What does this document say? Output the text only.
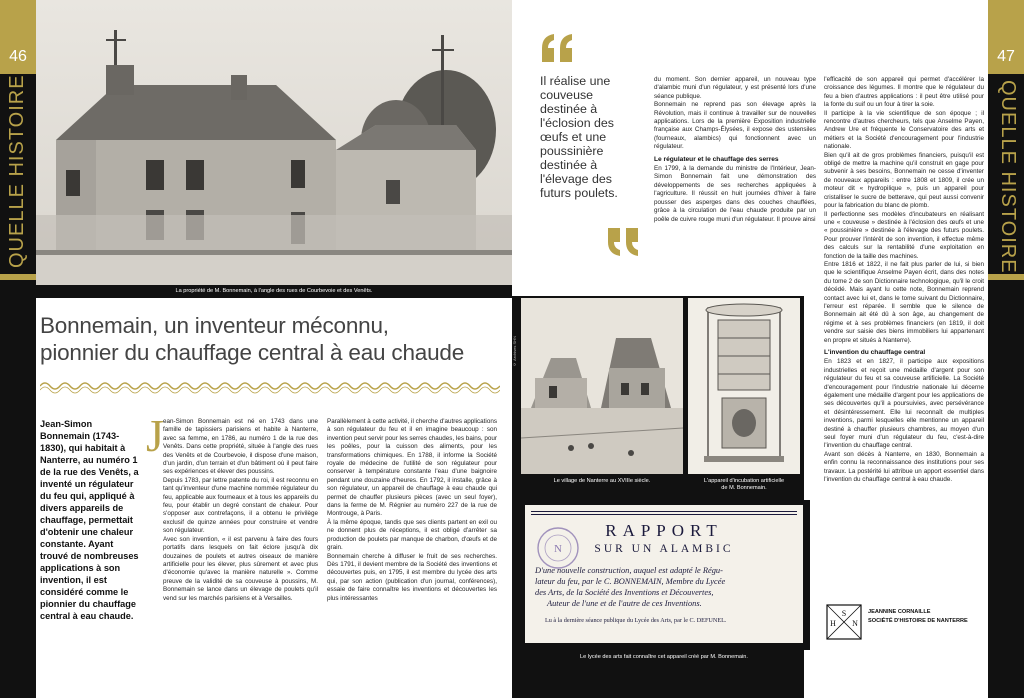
46
QUELLE HISTOIRE
La propriété de M. Bonnemain, à l'angle des rues de Courbevoie et des Venêts.
Bonnemain, un inventeur méconnu,
pionnier du chauffage central à eau chaude
Jean-Simon Bonnemain (1743-1830), qui habitait à Nanterre, au numéro 1 de la rue des Venêts, a inventé un régulateur du feu qui, appliqué à divers appareils de chauffage, permettait d'obtenir une chaleur constante. Ayant trouvé de nombreuses applications à son invention, il est considéré comme le pionnier du chauffage central à eau chaude.
J ean-Simon Bonnemain est né en 1743 dans une famille de tapissiers parisiens et habite à Nanterre, avec sa femme, en 1786, au numéro 1 de la rue des Venêts. Dans cette propriété, située à l'angle des rues des Venêts et de Courbevoie, il dispose d'une maison, d'un jardin, d'un terrain et d'un bâtiment où il peut faire ses expériences et élever des poussins.

Depuis 1783, par lettre patente du roi, il est reconnu en tant qu'inventeur d'une machine nommée régulateur du feu, applicable aux fourneaux et à tous les appareils du feu, pour établir un degré constant de chaleur. Pour s'opposer aux contrefaçons, il a obtenu le privilège exclusif de quinze années pour construire et vendre son régulateur.

Avec son invention, « il est parvenu à faire des fours portatifs dans lesquels on fait éclore jusqu'à dix douzaines de poulets et autres oiseaux de manière artificielle pour les élever, plus sûrement et avec plus d'économie qu'avec la manière naturelle ». Comme preuve de la validité de sa couveuse à poussins, M. Bonnemain se lance dans un élevage de poulets qu'il vend sur les marchés parisiens et à Versailles.

Parallèlement à cette activité, il cherche d'autres applications à son régulateur du feu et il en imagine beaucoup : son invention peut servir pour les serres chaudes, les bains, pour les poêles, pour la cuisson des aliments, pour les transformations chimiques. En 1788, il informe la Société royale de médecine de l'utilité de son régulateur pour conserver à température constante l'eau d'une baignoire pendant une douzaine d'heures. En 1792, il installe, grâce à son régulateur, un appareil de chauffage à eau chaude qui permet de chauffer plusieurs pièces (avec un seul foyer), dans la ferme de M. Régnier au numéro 227 de la rue de Montrouge, à Paris.

À la même époque, tandis que ses clients partent en exil ou ne donnent plus de réceptions, il est obligé d'arrêter sa production de poulets par manque de charbon, d'œufs et de grain.

Bonnemain cherche à diffuser le fruit de ses recherches. Dès 1791, il devient membre de la Société des inventions et découvertes puis, en 1795, il est membre du lycée des arts qui, par son action (publication d'un journal, conférences), essaie de faire connaître les inventions et découvertes les plus intéressantes

47
QUELLE HISTOIRE
Il réalise une couveuse destinée à l'éclosion des œufs et une poussinière destinée à l'élevage des futurs poulets.

du moment. Son dernier appareil, un nouveau type d'alambic muni d'un régulateur, y est présenté lors d'une séance publique.

Bonnemain ne reprend pas son élevage après la Révolution, mais il continue à travailler sur de nouvelles applications. Lors de la première Exposition industrielle française aux Champs-Élysées, il expose des ustensiles (fourneaux, alambics) qui fonctionnent avec un régulateur.

Le régulateur et le chauffage des serres

En 1799, à la demande du ministre de l'Intérieur, Jean-Simon Bonnemain fait une démonstration des développements de ses recherches appliquées à l'agriculture. Il réussit en huit journées d'hiver à faire pousser des asperges dans des couches chauffées, grâce à la circulation de l'eau chaude produite par un poêle de cuivre rouge muni d'un régulateur. Il prouve ainsi

l'efficacité de son appareil qui permet d'accélérer la croissance des légumes. Il montre que le régulateur du feu a bien d'autres applications : il peut être utilisé pour la fonte du suif ou un four à tirer la soie.

Il participe à la vie scientifique de son époque ; il rencontre d'autres chercheurs, tels que Anselme Payen, Andrew Ure et fréquente le Conservatoire des arts et métiers et la Société d'encouragement pour l'industrie nationale.

Bien qu'il ait de gros problèmes financiers, puisqu'il est obligé de mettre la machine qu'il construit en gage pour subvenir à ses besoins, Bonnemain ne cesse d'inventer de nouveaux appareils : entre 1808 et 1809, il crée un moteur dit « hydropilique », puis un appareil pour cristalliser le sucre de betterave, qui peut aussi convenir pour la fabrication du blanc de plomb.

Il perfectionne ses modèles d'incubateurs en réalisant une « couveuse » destinée à l'éclosion des œufs et une « poussinière » destinée à l'élevage des futurs poulets. Pour prouver l'intérêt de son invention, il effectue même des calculs sur la rentabilité d'une exploitation en fonction de la taille des machines.

Entre 1816 et 1822, il ne fait plus parler de lui, si bien que le scientifique Anselme Payen écrit, dans des notes du tome 2 de son Dictionnaire technologique, qu'il le croit décédé. Mais ayant lu cette note, Bonnemain reprend contact avec lui et, dans le tome suivant du Dictionnaire, l'erreur est réparée. Il semble que le silence de Bonnemain ait été dû à son âge, au changement de régime et à ses problèmes financiers (en 1819, il doit vendre sur saisie des biens immobiliers lui appartenant en propre et situés à Nanterre).

L'invention du chauffage central

En 1823 et en 1827, il participe aux expositions industrielles et reçoit une médaille d'argent pour son régulateur du feu et sa couveuse artificielle. La Société d'encouragement pour l'industrie nationale lui décerne également une médaille d'argent pour les applications de ses découvertes qu'il a poursuivies, avec persévérance et désintéressement. Elle lui reconnaît de multiples inventions, parmi lesquelles elle mentionne un appareil destiné à chauffer plusieurs chambres, au moyen d'un seul foyer muni d'un régulateur du feu, c'est-à-dire l'invention du chauffage central.

Avant son décès à Nanterre, en 1830, Bonnemain a enfin connu la reconnaissance des institutions pour ses travaux. La postérité lui attribue un apport essentiel dans l'invention du chauffage central à eau chaude.

S
H N
JEANNINE CORNAILLE
SOCIÉTÉ D'HISTOIRE DE NANTERRE
© Archives SHN
Le village de Nanterre au XVIIIe siècle.	L'appareil d'incubation artificielle
de M. Bonnemain.
RAPPORT
SUR UN ALAMBIC
N
D'une nouvelle construction, auquel est adapté le Régu-
lateur du feu, par le C. BONNEMAIN, Membre du Lycée
des Arts, de la Société des Inventions et Découvertes,
Auteur de l'une et de l'autre de ces Inventions.
Lu à la dernière séance publique du Lycée des Arts, par le C. DEFUNEL.
Le lycée des arts fait connaître cet appareil créé par M. Bonnemain.
